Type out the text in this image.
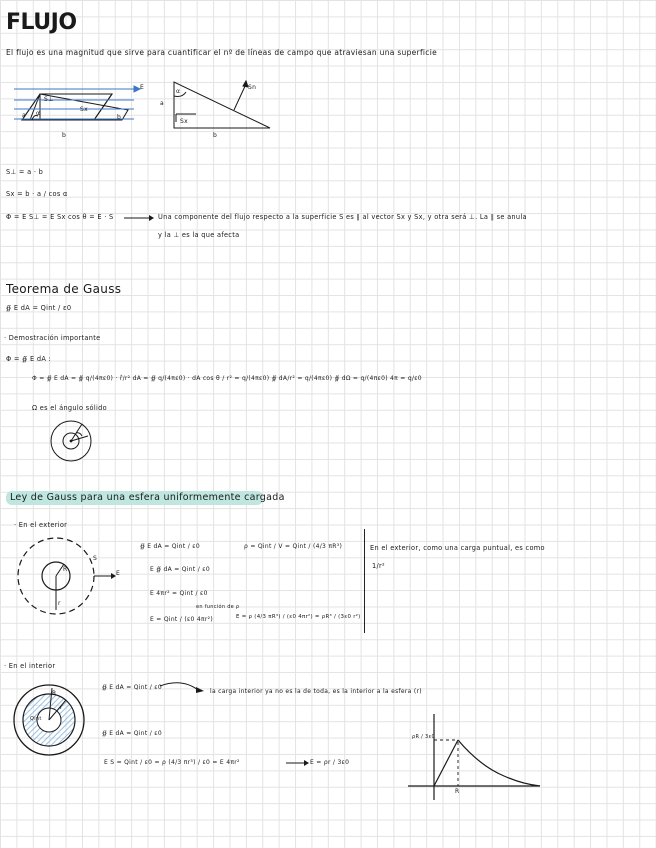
FLUJO
El flujo es una magnitud que sirve para cuantificar el nº de líneas de campo que atraviesan una superficie
E
S⊥
Sx
a α
b
b
α
a
Sn
Sx
b
S⊥ = a · b
Sx = b · a / cos α
Φ = E S⊥ = E Sx cos θ = E · S	Una componente del flujo respecto a la superficie S es ∥ al vector Sx y Sx, y otra será ⊥. La ∥ se anula
y la ⊥ es la que afecta
Teorema de Gauss
∯ E dA = Qint / ε0
· Demostración importante
Φ = ∯ E dA :
Φ = ∯ E dA = ∯ q/(4πε0) · r̂/r² dA = ∯ q/(4πε0) · dA cos θ / r² = q/(4πε0) ∯ dA/r² = q/(4πε0) ∯ dΩ = q/(4πε0) 4π = q/ε0
Ω es el ángulo sólido
Ley de Gauss para una esfera uniformemente cargada
· En el exterior
S
R
r
E
∯ E dA = Qint / ε0
E ∯ dA = Qint / ε0
E 4πr² = Qint / ε0
E = Qint / (ε0 4πr²)
ρ = Qint / V = Qint / (4/3 πR³)
en función de ρ
E = ρ (4/3 πR³) / (ε0 4πr²) = ρR³ / (3ε0 r²)
En el exterior, como una carga puntual, es como
1/r²
· En el interior
Qint
R
r
∯ E dA = Qint / ε0
la carga interior ya no es la de toda, es la interior a la esfera (r)
∯ E dA = Qint / ε0
E S = Qint / ε0 = ρ (4/3 πr³) / ε0 = E 4πr²	E = ρr / 3ε0
ρR / 3ε0
R
